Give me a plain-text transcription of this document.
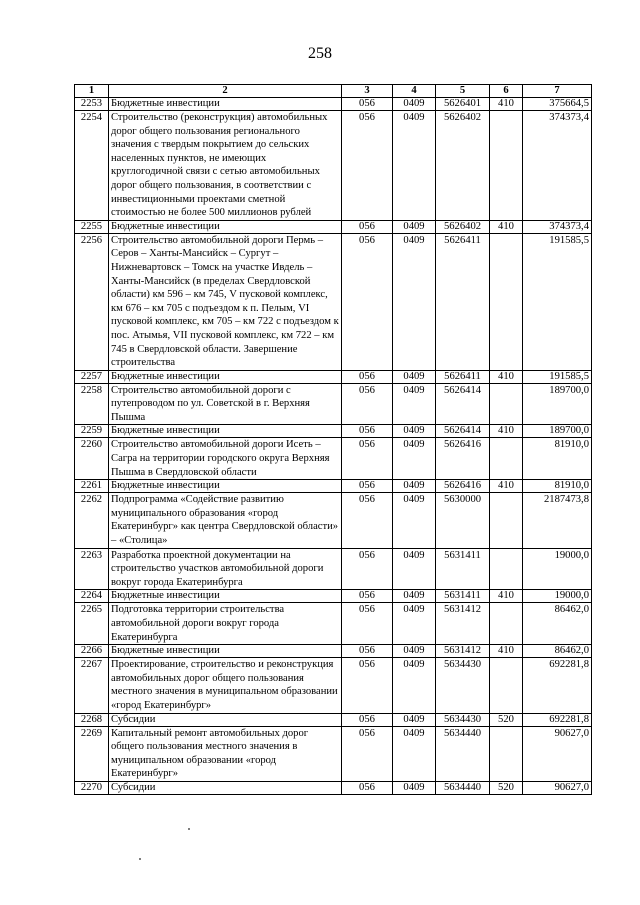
258
1	2	3	4	5	6	7
2253	Бюджетные инвестиции	056	0409	5626401	410	375664,5
2254	Строительство (реконструкция) автомобильных дорог общего пользования регионального значения с твердым покрытием до сельских населенных пунктов, не имеющих круглогодичной связи с сетью автомобильных дорог общего пользования, в соответствии с инвестиционными проектами сметной стоимостью не более 500 миллионов рублей	056	0409	5626402		374373,4
2255	Бюджетные инвестиции	056	0409	5626402	410	374373,4
2256	Строительство автомобильной дороги Пермь – Серов – Ханты-Мансийск – Сургут – Нижневартовск – Томск на участке Ивдель – Ханты-Мансийск (в пределах Свердловской области) км 596 – км 745, V пусковой комплекс, км 676 – км 705 с подъездом к п. Пелым, VI пусковой комплекс, км 705 – км 722 с подъездом к пос. Атымья, VII пусковой комплекс, км 722 – км 745 в Свердловской области. Завершение строительства	056	0409	5626411		191585,5
2257	Бюджетные инвестиции	056	0409	5626411	410	191585,5
2258	Строительство автомобильной дороги с путепроводом по ул. Советской в г. Верхняя Пышма	056	0409	5626414		189700,0
2259	Бюджетные инвестиции	056	0409	5626414	410	189700,0
2260	Строительство автомобильной дороги Исеть – Сагра на территории городского округа Верхняя Пышма в Свердловской области	056	0409	5626416		81910,0
2261	Бюджетные инвестиции	056	0409	5626416	410	81910,0
2262	Подпрограмма «Содействие развитию муниципального образования «город Екатеринбург» как центра Свердловской области» – «Столица»	056	0409	5630000		2187473,8
2263	Разработка проектной документации на строительство участков автомобильной дороги вокруг города Екатеринбурга	056	0409	5631411		19000,0
2264	Бюджетные инвестиции	056	0409	5631411	410	19000,0
2265	Подготовка территории строительства автомобильной дороги вокруг города Екатеринбурга	056	0409	5631412		86462,0
2266	Бюджетные инвестиции	056	0409	5631412	410	86462,0
2267	Проектирование, строительство и реконструкция автомобильных дорог общего пользования местного значения в муниципальном образовании «город Екатеринбург»	056	0409	5634430		692281,8
2268	Субсидии	056	0409	5634430	520	692281,8
2269	Капитальный ремонт автомобильных дорог общего пользования местного значения в муниципальном образовании «город Екатеринбург»	056	0409	5634440		90627,0
2270	Субсидии	056	0409	5634440	520	90627,0
